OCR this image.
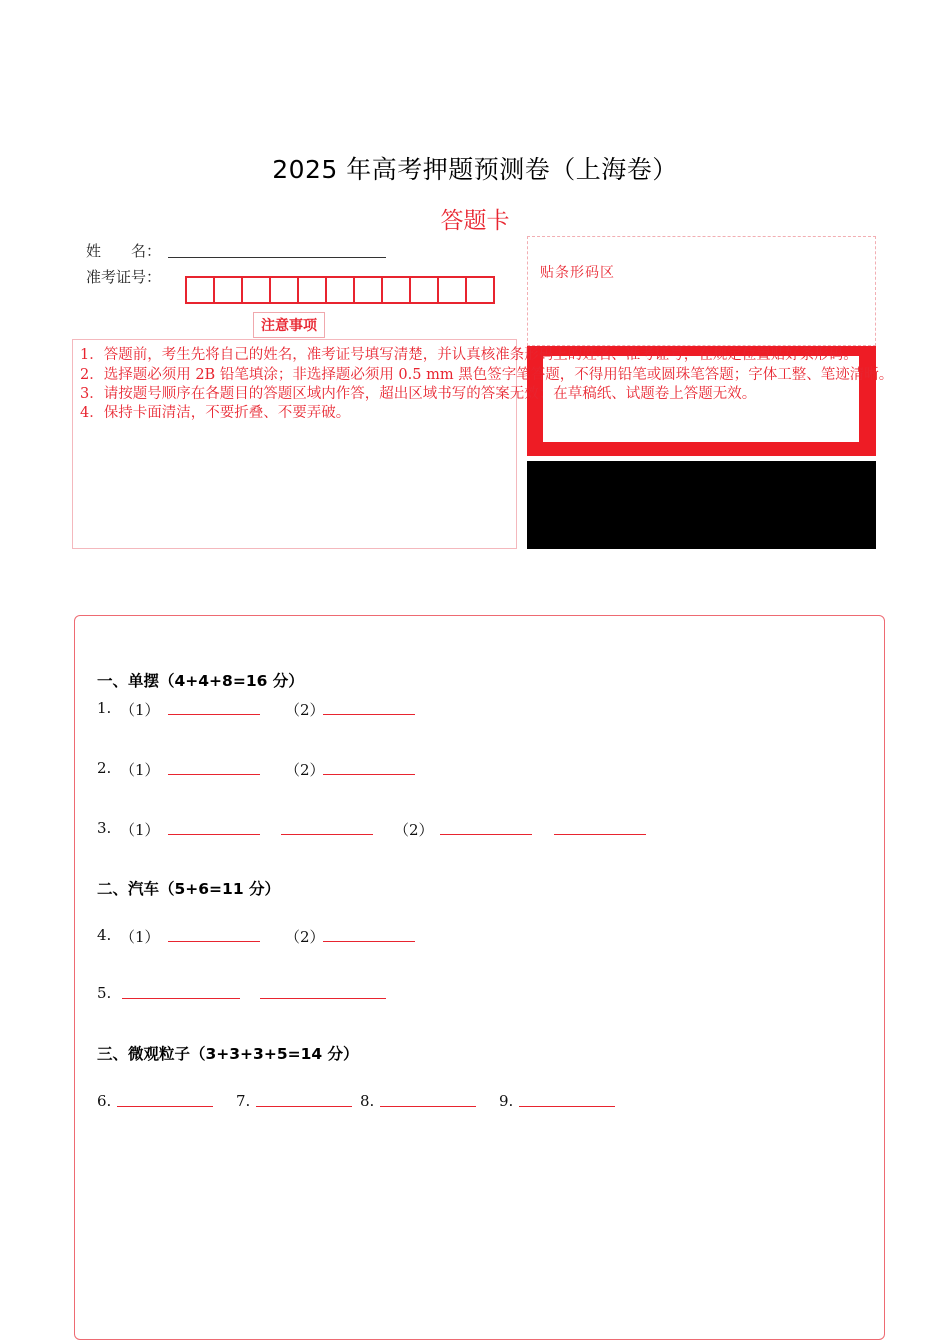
2025 年高考押题预测卷（上海卷）
答题卡
姓　　名：
准考证号：	贴条形码区
注意事项
1．答题前，考生先将自己的姓名，准考证号填写清楚，并认真核准条形码上的姓名、准考证号，在规定位置贴好条形码。
2．选择题必须用 2B 铅笔填涂；非选择题必须用 0.5 mm 黑色签字笔答题，不得用铅笔或圆珠笔答题；字体工整、笔迹清晰。
3．请按题号顺序在各题目的答题区域内作答，超出区域书写的答案无效；在草稿纸、试题卷上答题无效。
4．保持卡面清洁，不要折叠、不要弄破。
一、单摆（4+4+8=16 分）
1. （1）	（2）
2. （1）	（2）
3. （1）	（2）
二、汽车（5+6=11 分）
4. （1）	（2）
5.
三、微观粒子（3+3+3+5=14 分）
6.	7.	8.	9.
